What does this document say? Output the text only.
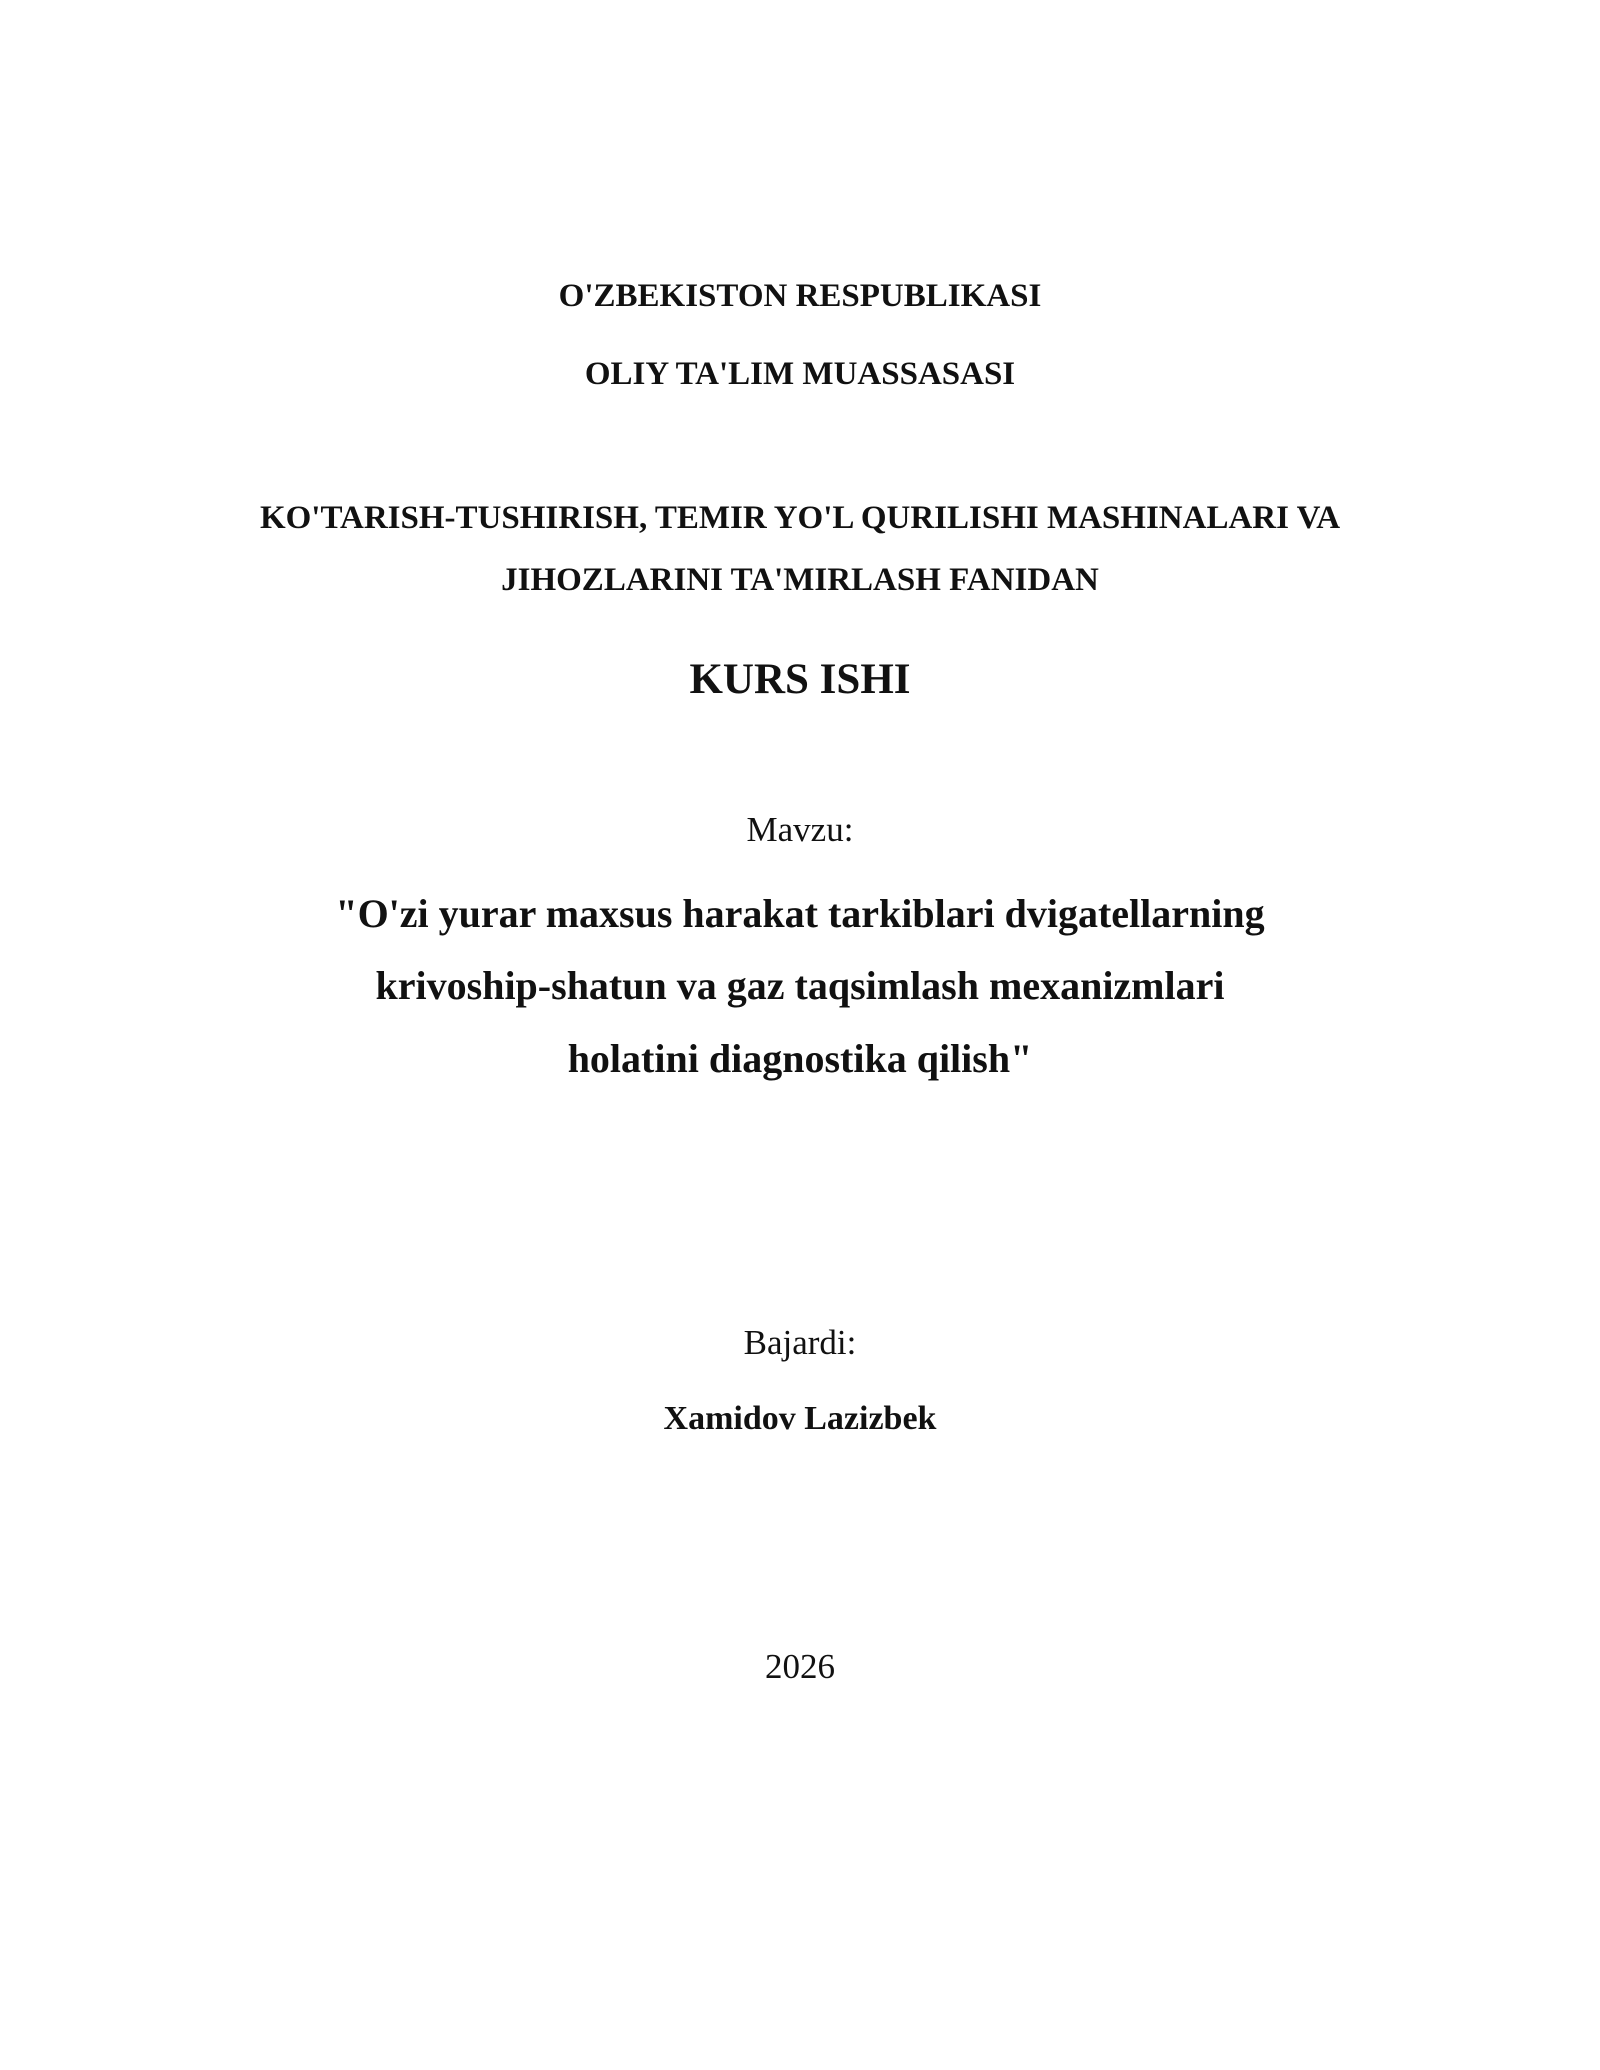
O'ZBEKISTON RESPUBLIKASI

OLIY TA'LIM MUASSASASI

KO'TARISH-TUSHIRISH, TEMIR YO'L QURILISHI MASHINALARI VA

JIHOZLARINI TA'MIRLASH FANIDAN

KURS ISHI

Mavzu:

"O'zi yurar maxsus harakat tarkiblari dvigatellarning

krivoship-shatun va gaz taqsimlash mexanizmlari

holatini diagnostika qilish"

Bajardi:

Xamidov Lazizbek

2026
